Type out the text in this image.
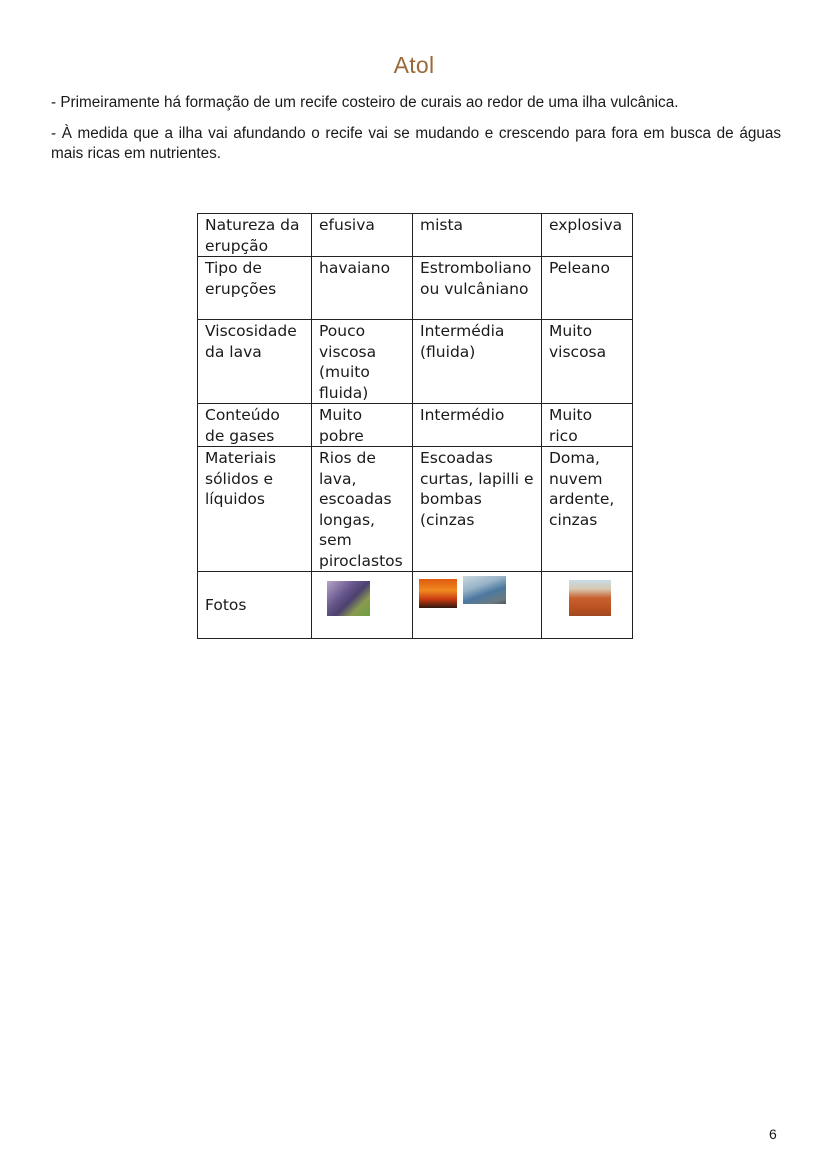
Atol
- Primeiramente há formação de um recife costeiro de curais ao redor de uma ilha vulcânica.
- À medida que a ilha vai afundando o recife vai se mudando e crescendo para fora em busca de águas mais ricas em nutrientes.
Natureza da erupção	efusiva	mista	explosiva
Tipo de erupções	havaiano	Estromboliano ou vulcâniano	Peleano
Viscosidade da lava	Pouco viscosa (muito fluida)	Intermédia (fluida)	Muito viscosa
Conteúdo de gases	Muito pobre	Intermédio	Muito rico
Materiais sólidos e líquidos	Rios de lava, escoadas longas, sem piroclastos	Escoadas curtas, lapilli e bombas (cinzas	Doma, nuvem ardente, cinzas
Fotos	

6
